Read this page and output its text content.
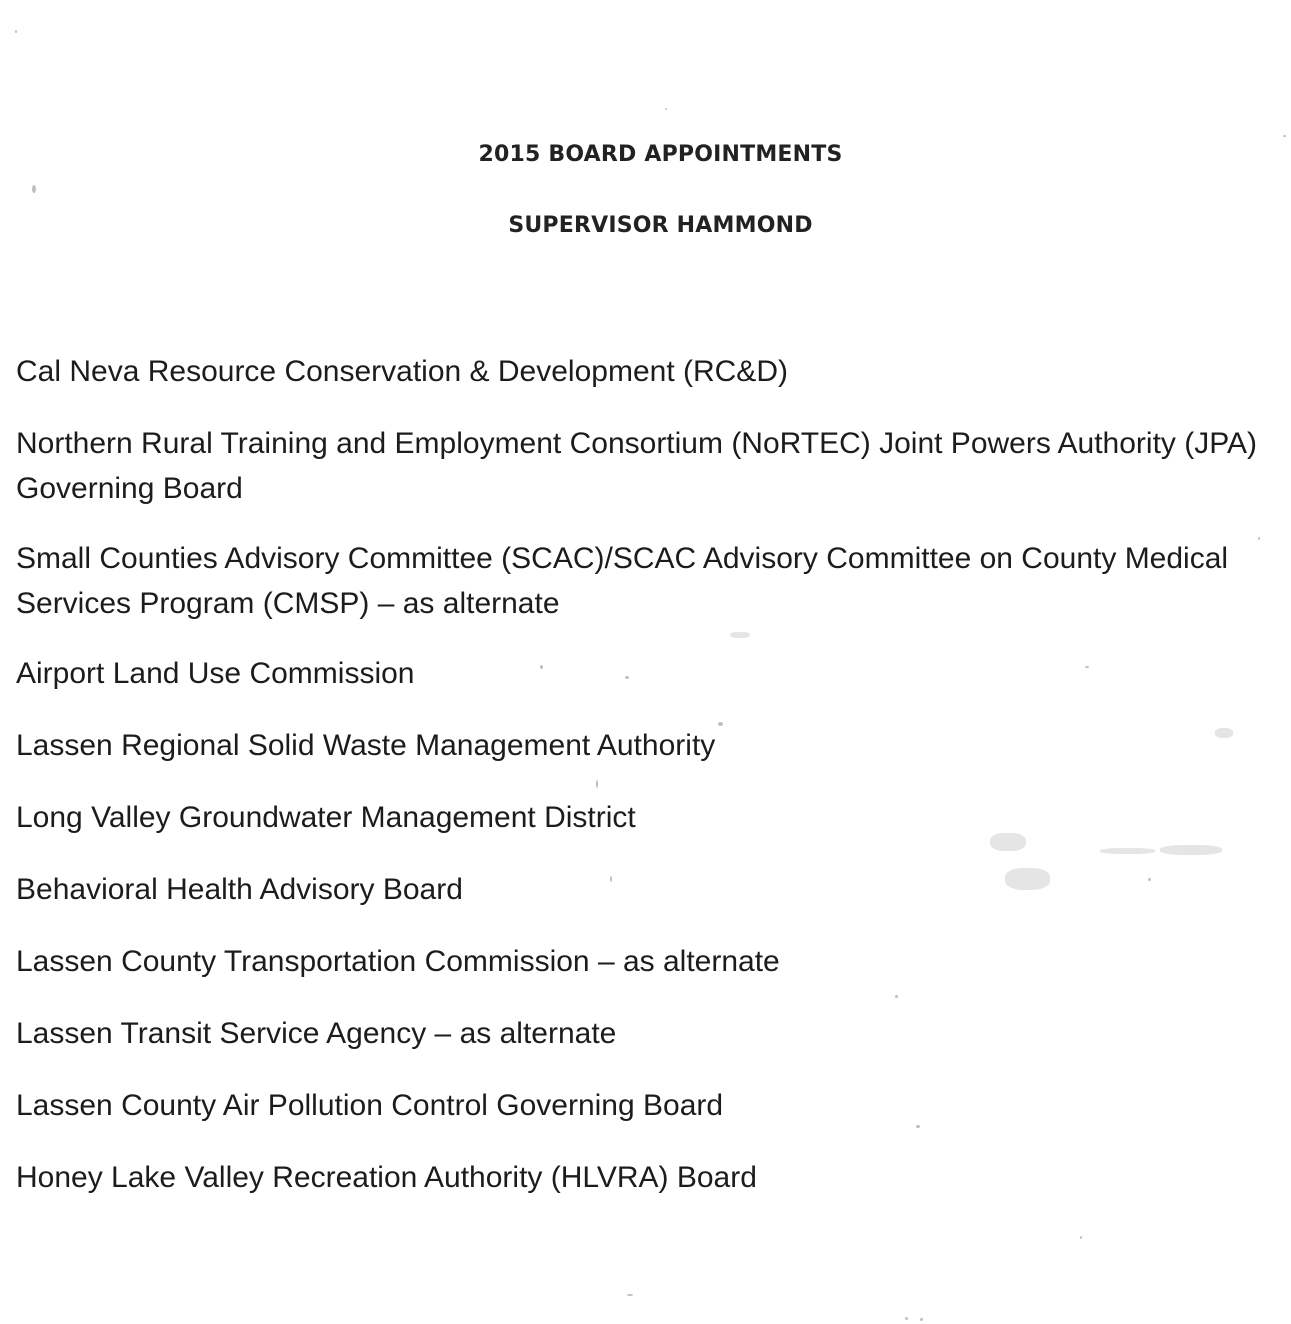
2015 BOARD APPOINTMENTS
SUPERVISOR HAMMOND
Cal Neva Resource Conservation & Development (RC&D)
Northern Rural Training and Employment Consortium (NoRTEC) Joint Powers Authority (JPA) Governing Board
Small Counties Advisory Committee (SCAC)/SCAC Advisory Committee on County Medical Services Program (CMSP) – as alternate
Airport Land Use Commission
Lassen Regional Solid Waste Management Authority
Long Valley Groundwater Management District
Behavioral Health Advisory Board
Lassen County Transportation Commission – as alternate
Lassen Transit Service Agency – as alternate
Lassen County Air Pollution Control Governing Board
Honey Lake Valley Recreation Authority (HLVRA) Board
